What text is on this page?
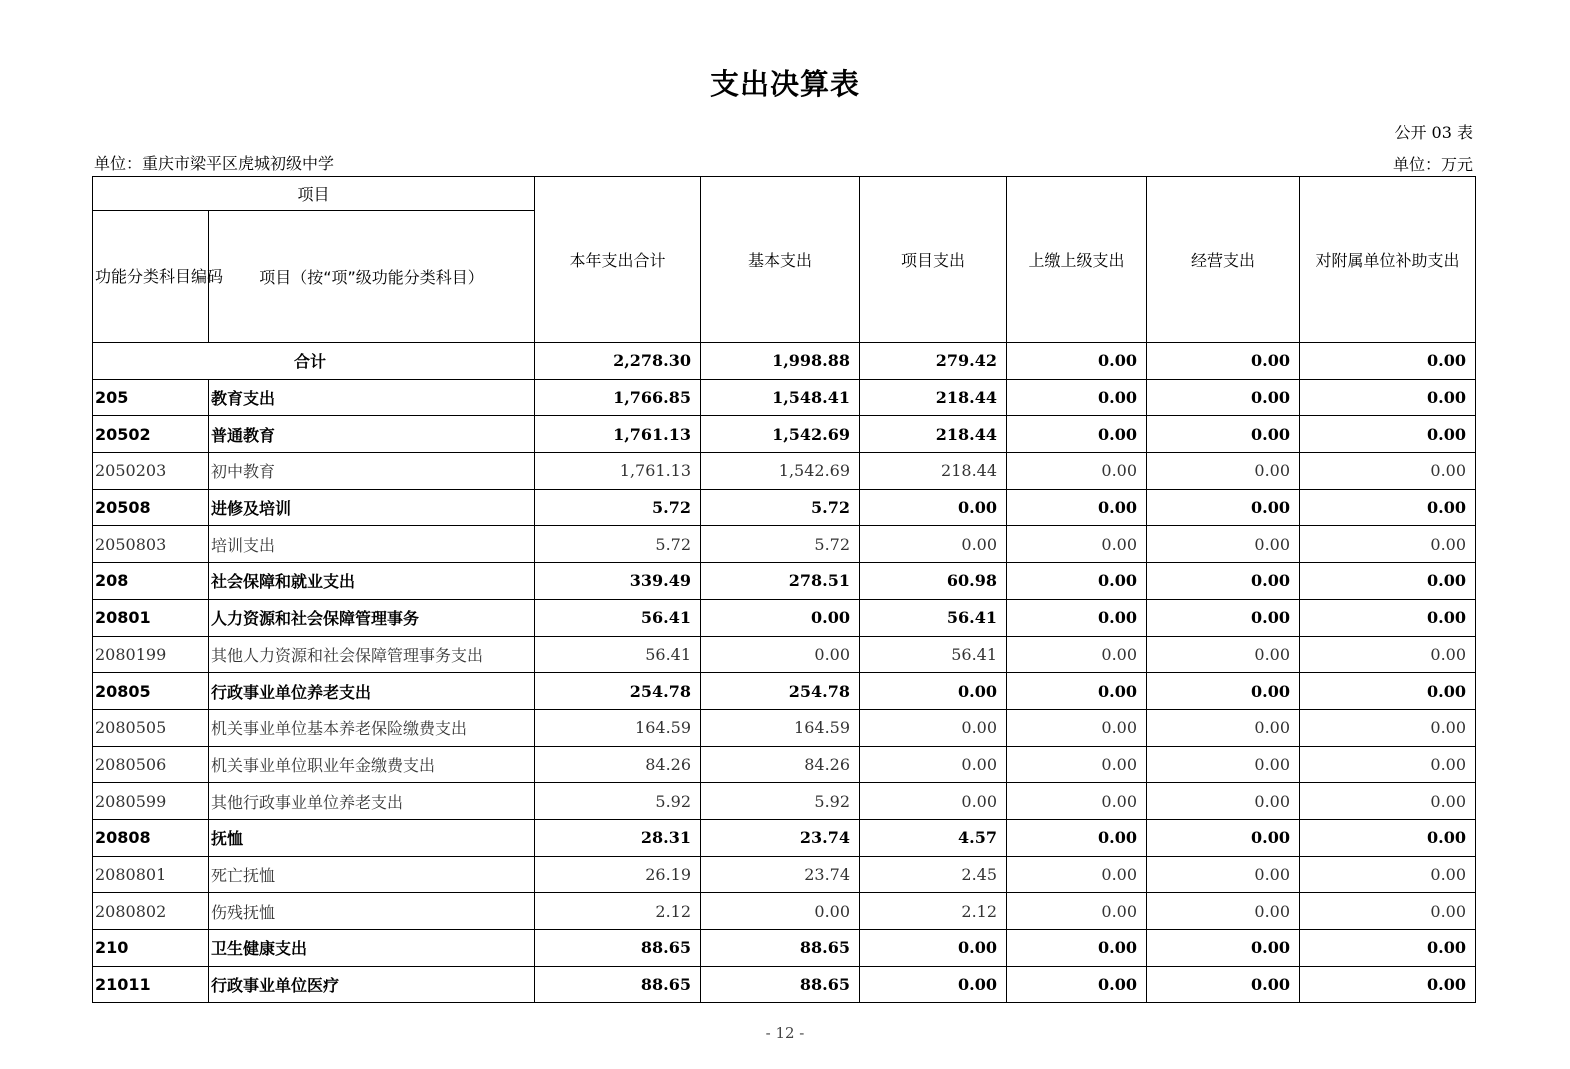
支出决算表
公开 03 表
单位：重庆市梁平区虎城初级中学	单位：万元
项目		本年支出合计	基本支出	项目支出	上缴上级支出	经营支出	对附属单位补助支出
功能分类科目编码	项目（按“项”级功能分类科目）						
合计		2,278.30	1,998.88	279.42	0.00	0.00	0.00
205	教育支出	1,766.85	1,548.41	218.44	0.00	0.00	0.00
20502	普通教育	1,761.13	1,542.69	218.44	0.00	0.00	0.00
2050203	初中教育	1,761.13	1,542.69	218.44	0.00	0.00	0.00
20508	进修及培训	5.72	5.72	0.00	0.00	0.00	0.00
2050803	培训支出	5.72	5.72	0.00	0.00	0.00	0.00
208	社会保障和就业支出	339.49	278.51	60.98	0.00	0.00	0.00
20801	人力资源和社会保障管理事务	56.41	0.00	56.41	0.00	0.00	0.00
2080199	其他人力资源和社会保障管理事务支出	56.41	0.00	56.41	0.00	0.00	0.00
20805	行政事业单位养老支出	254.78	254.78	0.00	0.00	0.00	0.00
2080505	机关事业单位基本养老保险缴费支出	164.59	164.59	0.00	0.00	0.00	0.00
2080506	机关事业单位职业年金缴费支出	84.26	84.26	0.00	0.00	0.00	0.00
2080599	其他行政事业单位养老支出	5.92	5.92	0.00	0.00	0.00	0.00
20808	抚恤	28.31	23.74	4.57	0.00	0.00	0.00
2080801	死亡抚恤	26.19	23.74	2.45	0.00	0.00	0.00
2080802	伤残抚恤	2.12	0.00	2.12	0.00	0.00	0.00
210	卫生健康支出	88.65	88.65	0.00	0.00	0.00	0.00
21011	行政事业单位医疗	88.65	88.65	0.00	0.00	0.00	0.00
- 12 -
